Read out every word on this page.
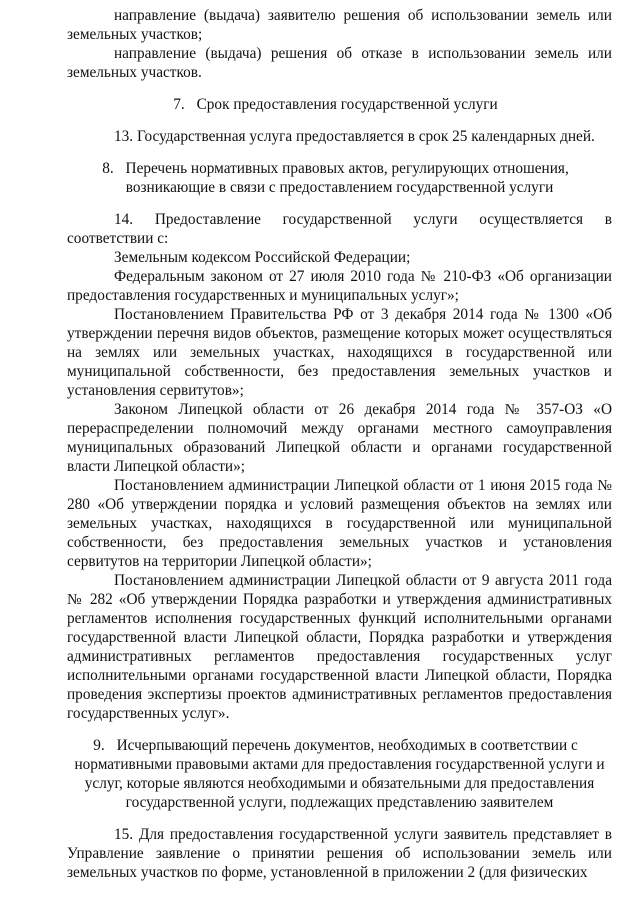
направление (выдача) заявителю решения об использовании земель или земельных участков;

направление (выдача) решения об отказе в использовании земель или земельных участков.

7. Срок предоставления государственной услуги

13. Государственная услуга предоставляется в срок 25 календарных дней.

8. Перечень нормативных правовых актов, регулирующих отношения,

возникающие в связи с предоставлением государственной услуги

14. Предоставление государственной услуги осуществляется в соответствии с:

Земельным кодексом Российской Федерации;

Федеральным законом от 27 июля 2010 года № 210-ФЗ «Об организации предоставления государственных и муниципальных услуг»;

Постановлением Правительства РФ от 3 декабря 2014 года № 1300 «Об утверждении перечня видов объектов, размещение которых может осуществляться на землях или земельных участках, находящихся в государственной или муниципальной собственности, без предоставления земельных участков и установления сервитутов»;

Законом Липецкой области от 26 декабря 2014 года № 357-ОЗ «О перераспределении полномочий между органами местного самоуправления муниципальных образований Липецкой области и органами государственной власти Липецкой области»;

Постановлением администрации Липецкой области от 1 июня 2015 года № 280 «Об утверждении порядка и условий размещения объектов на землях или земельных участках, находящихся в государственной или муниципальной собственности, без предоставления земельных участков и установления сервитутов на территории Липецкой области»;

Постановлением администрации Липецкой области от 9 августа 2011 года № 282 «Об утверждении Порядка разработки и утверждения административных регламентов исполнения государственных функций исполнительными органами государственной власти Липецкой области, Порядка разработки и утверждения административных регламентов предоставления государственных услуг исполнительными органами государственной власти Липецкой области, Порядка проведения экспертизы проектов административных регламентов предоставления государственных услуг».

9. Исчерпывающий перечень документов, необходимых в соответствии с

нормативными правовыми актами для предоставления государственной услуги и

услуг, которые являются необходимыми и обязательными для предоставления

государственной услуги, подлежащих представлению заявителем

15. Для предоставления государственной услуги заявитель представляет в Управление заявление о принятии решения об использовании земель или земельных участков по форме, установленной в приложении 2 (для физических
